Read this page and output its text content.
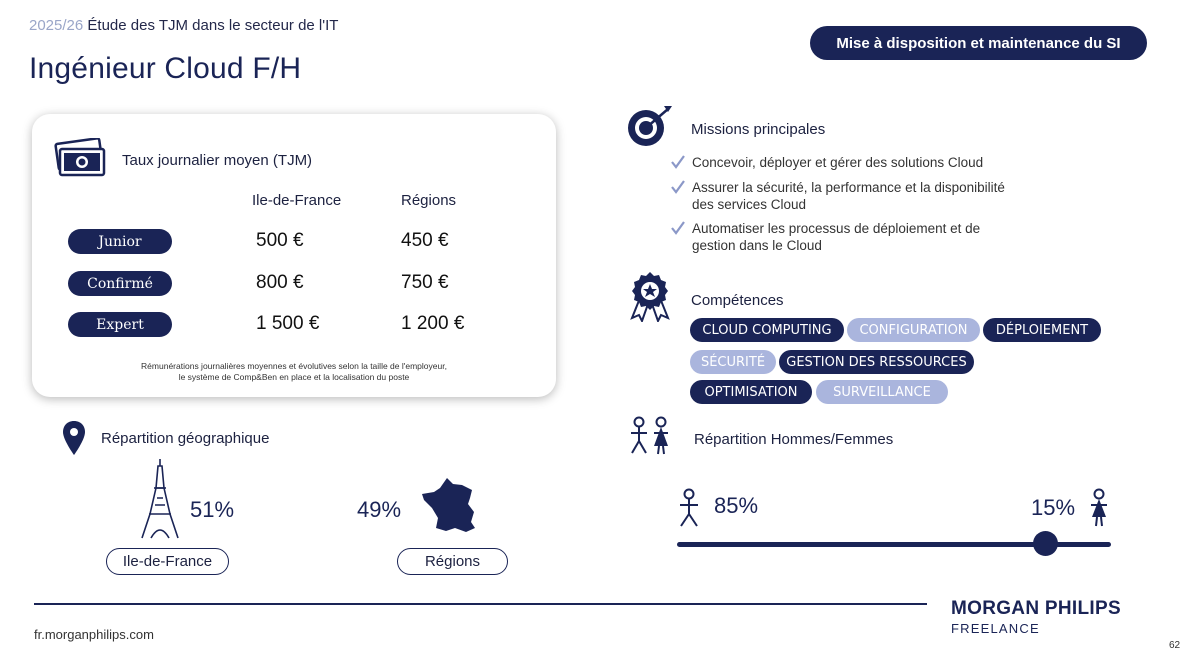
2025/26 Étude des TJM dans le secteur de l'IT
Ingénieur Cloud F/H
Mise à disposition et maintenance du SI
Taux journalier moyen (TJM)
Ile-de-France	Régions
Junior	500 €	450 €
Confirmé	800 €	750 €
Expert	1 500 €	1 200 €
Rémunérations journalières moyennes et évolutives selon la taille de l'employeur,
le système de Comp&Ben en place et la localisation du poste
Missions principales
Concevoir, déployer et gérer des solutions Cloud
Assurer la sécurité, la performance et la disponibilité
des services Cloud
Automatiser les processus de déploiement et de
gestion dans le Cloud
Compétences
CLOUD COMPUTING	CONFIGURATION	DÉPLOIEMENT
SÉCURITÉ	GESTION DES RESSOURCES
OPTIMISATION	SURVEILLANCE
Répartition géographique
51%
Ile-de-France
49%
Régions
Répartition Hommes/Femmes
85%	15%
fr.morganphilips.com
MORGAN PHILIPS
FREELANCE
62
